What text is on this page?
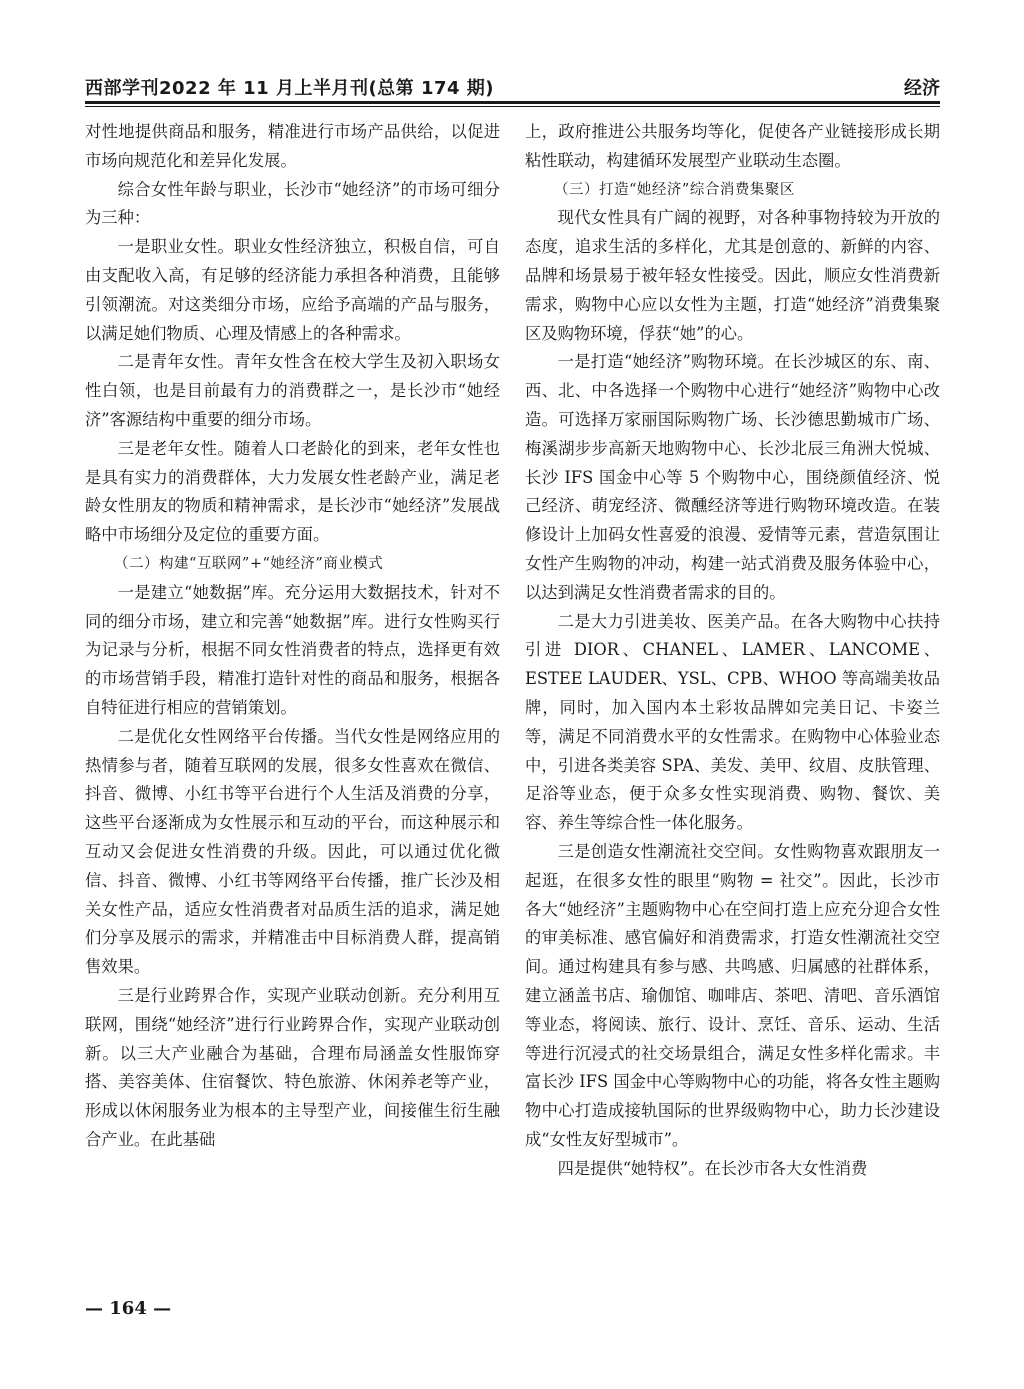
西部学刊2022 年 11 月上半月刊(总第 174 期)	经济

对性地提供商品和服务，精准进行市场产品供给，以促进市场向规范化和差异化发展。

综合女性年龄与职业，长沙市“她经济”的市场可细分为三种：

一是职业女性。职业女性经济独立，积极自信，可自由支配收入高，有足够的经济能力承担各种消费，且能够引领潮流。对这类细分市场，应给予高端的产品与服务，以满足她们物质、心理及情感上的各种需求。

二是青年女性。青年女性含在校大学生及初入职场女性白领，也是目前最有力的消费群之一，是长沙市“她经济”客源结构中重要的细分市场。

三是老年女性。随着人口老龄化的到来，老年女性也是具有实力的消费群体，大力发展女性老龄产业，满足老龄女性朋友的物质和精神需求，是长沙市“她经济”发展战略中市场细分及定位的重要方面。

（二）构建“互联网”+“她经济”商业模式

一是建立“她数据”库。充分运用大数据技术，针对不同的细分市场，建立和完善“她数据”库。进行女性购买行为记录与分析，根据不同女性消费者的特点，选择更有效的市场营销手段，精准打造针对性的商品和服务，根据各自特征进行相应的营销策划。

二是优化女性网络平台传播。当代女性是网络应用的热情参与者，随着互联网的发展，很多女性喜欢在微信、抖音、微博、小红书等平台进行个人生活及消费的分享，这些平台逐渐成为女性展示和互动的平台，而这种展示和互动又会促进女性消费的升级。因此，可以通过优化微信、抖音、微博、小红书等网络平台传播，推广长沙及相关女性产品，适应女性消费者对品质生活的追求，满足她们分享及展示的需求，并精准击中目标消费人群，提高销售效果。

三是行业跨界合作，实现产业联动创新。充分利用互联网，围绕“她经济”进行行业跨界合作，实现产业联动创新。以三大产业融合为基础，合理布局涵盖女性服饰穿搭、美容美体、住宿餐饮、特色旅游、休闲养老等产业，形成以休闲服务业为根本的主导型产业，间接催生衍生融合产业。在此基础

上，政府推进公共服务均等化，促使各产业链接形成长期粘性联动，构建循环发展型产业联动生态圈。

（三）打造“她经济”综合消费集聚区

现代女性具有广阔的视野，对各种事物持较为开放的态度，追求生活的多样化，尤其是创意的、新鲜的内容、品牌和场景易于被年轻女性接受。因此，顺应女性消费新需求，购物中心应以女性为主题，打造“她经济”消费集聚区及购物环境，俘获“她”的心。

一是打造“她经济”购物环境。在长沙城区的东、南、西、北、中各选择一个购物中心进行“她经济”购物中心改造。可选择万家丽国际购物广场、长沙德思勤城市广场、梅溪湖步步高新天地购物中心、长沙北辰三角洲大悦城、长沙 IFS 国金中心等 5 个购物中心，围绕颜值经济、悦己经济、萌宠经济、微醺经济等进行购物环境改造。在装修设计上加码女性喜爱的浪漫、爱情等元素，营造氛围让女性产生购物的冲动，构建一站式消费及服务体验中心，以达到满足女性消费者需求的目的。

二是大力引进美妆、医美产品。在各大购物中心扶持引进 DIOR、CHANEL、LAMER、LANCOME、ESTEE LAUDER、YSL、CPB、WHOO 等高端美妆品牌，同时，加入国内本土彩妆品牌如完美日记、卡姿兰等，满足不同消费水平的女性需求。在购物中心体验业态中，引进各类美容 SPA、美发、美甲、纹眉、皮肤管理、足浴等业态，便于众多女性实现消费、购物、餐饮、美容、养生等综合性一体化服务。

三是创造女性潮流社交空间。女性购物喜欢跟朋友一起逛，在很多女性的眼里“购物 = 社交”。因此，长沙市各大“她经济”主题购物中心在空间打造上应充分迎合女性的审美标准、感官偏好和消费需求，打造女性潮流社交空间。通过构建具有参与感、共鸣感、归属感的社群体系，建立涵盖书店、瑜伽馆、咖啡店、茶吧、清吧、音乐酒馆等业态，将阅读、旅行、设计、烹饪、音乐、运动、生活等进行沉浸式的社交场景组合，满足女性多样化需求。丰富长沙 IFS 国金中心等购物中心的功能，将各女性主题购物中心打造成接轨国际的世界级购物中心，助力长沙建设成“女性友好型城市”。

四是提供“她特权”。在长沙市各大女性消费

— 164 —
